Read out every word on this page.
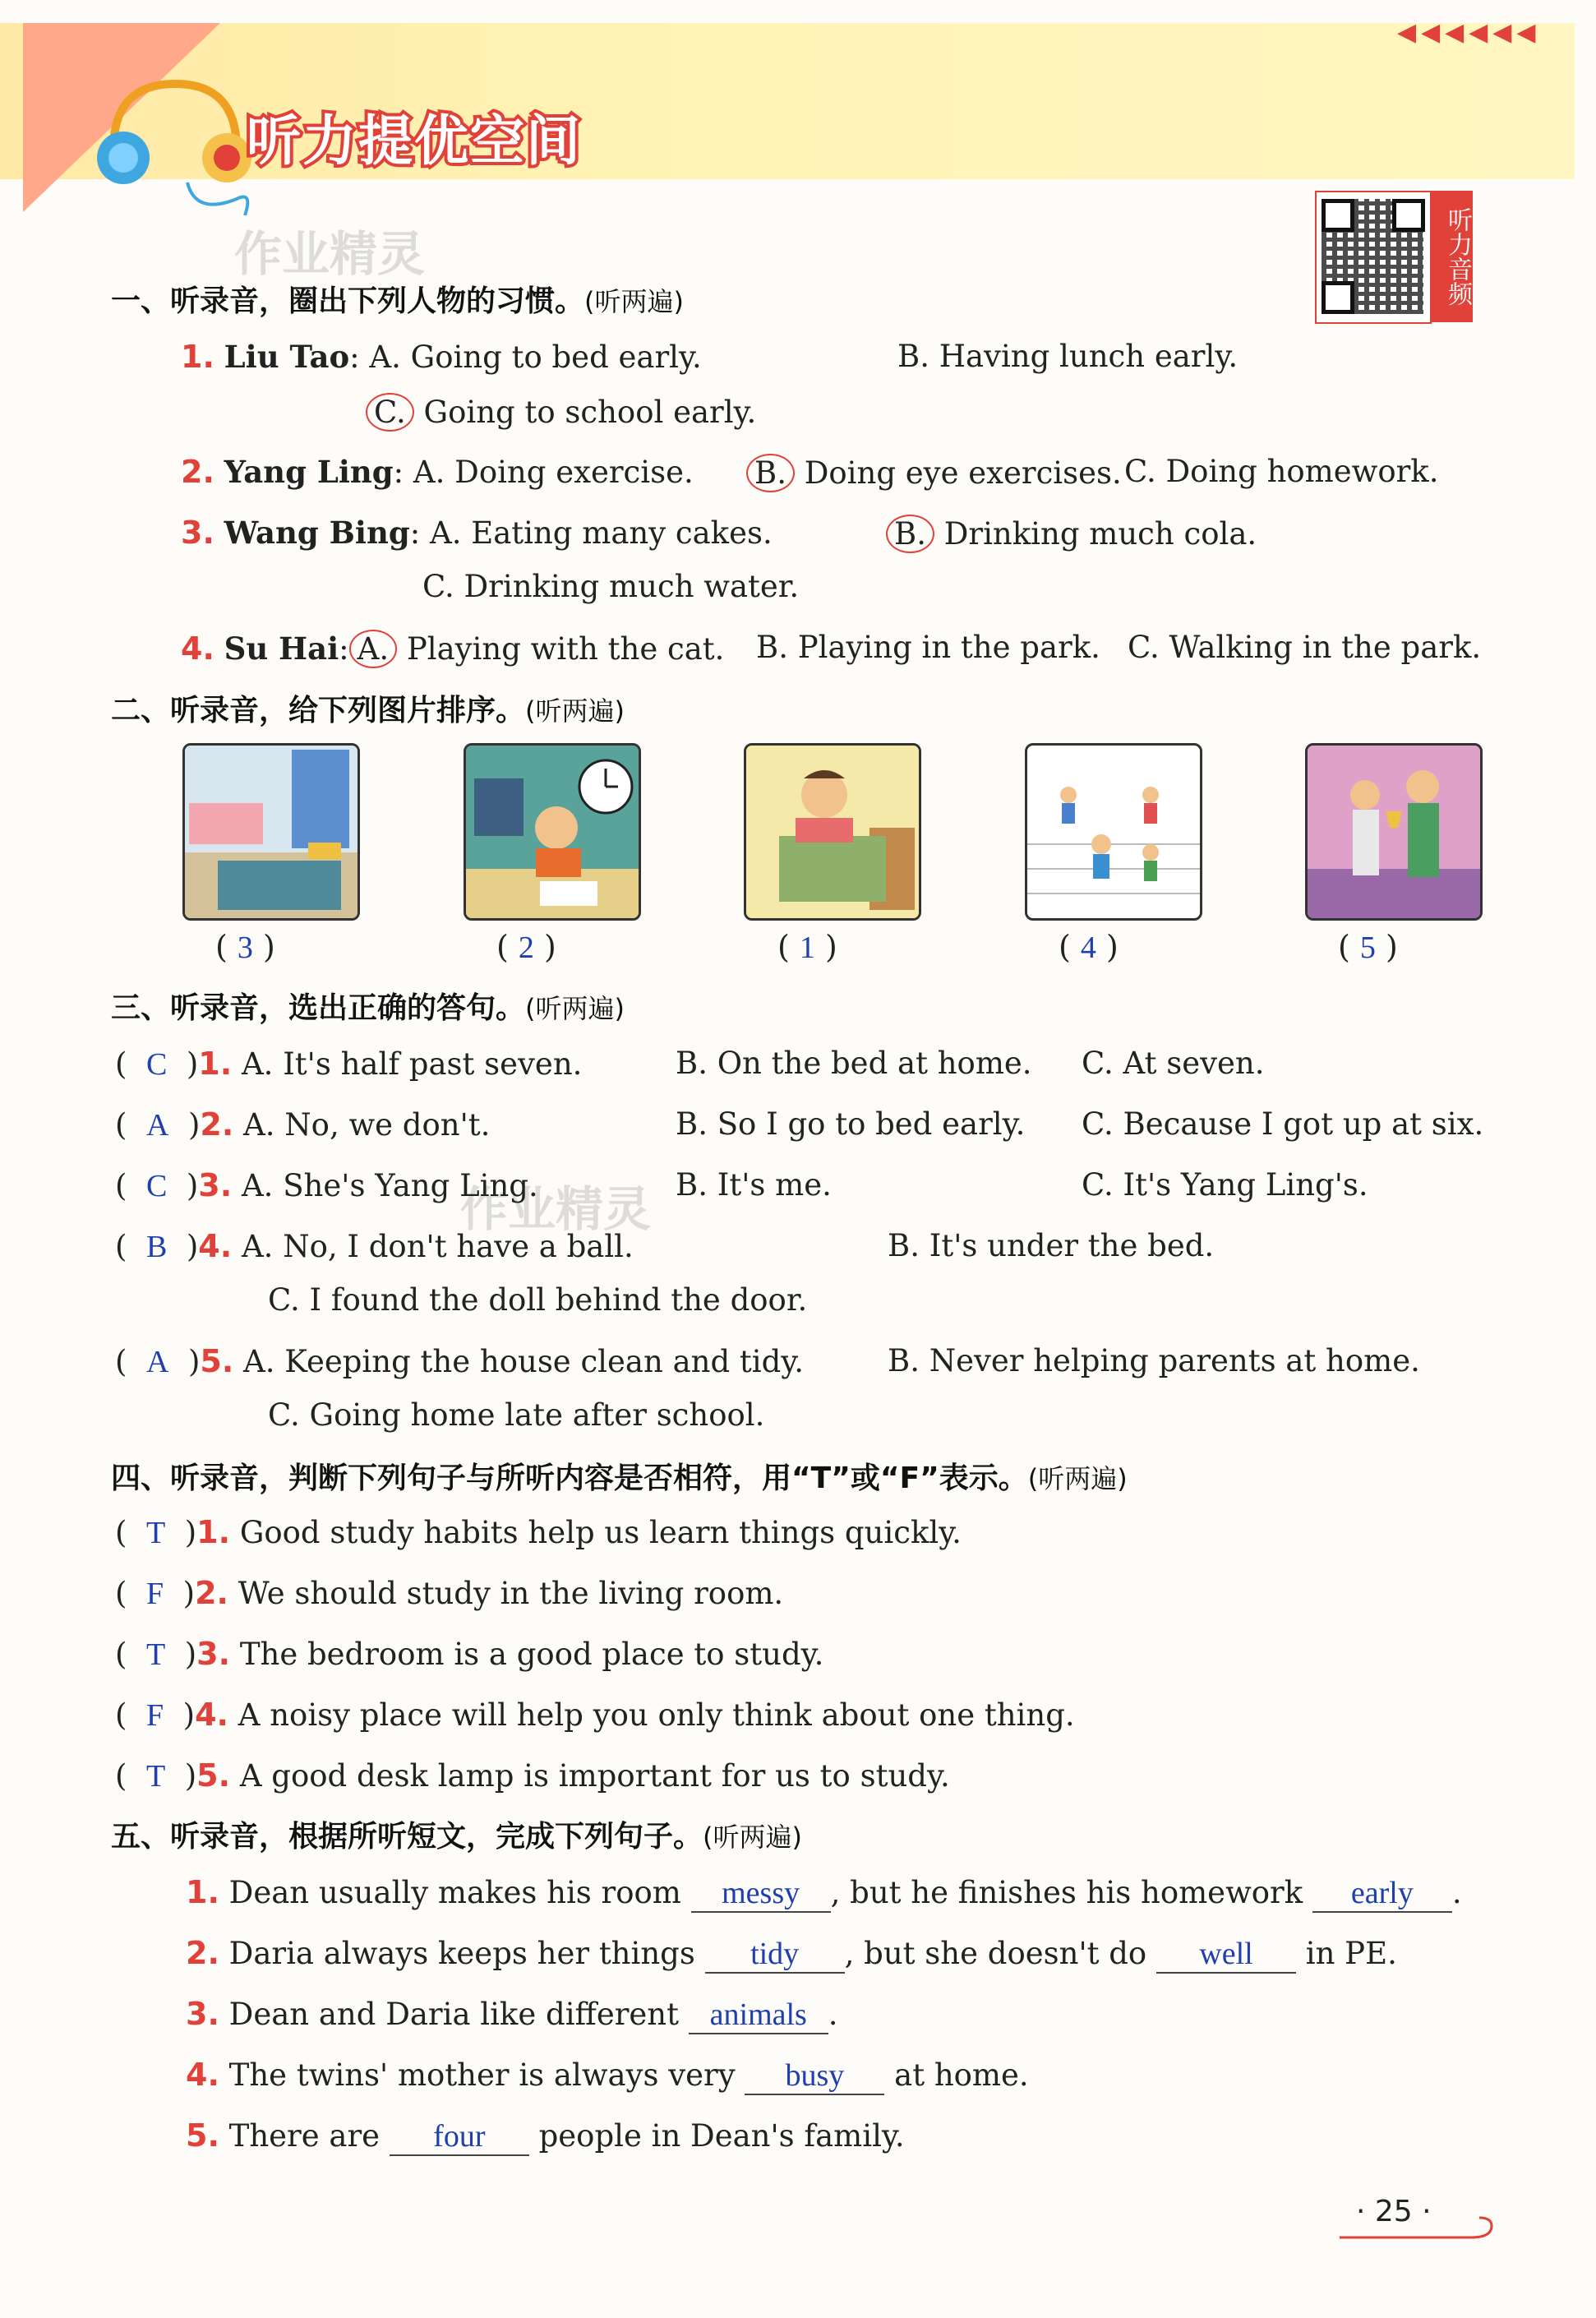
◀◀◀◀◀◀
听力提优空间
听力音频
作业精灵
作业精灵
一、听录音，圈出下列人物的习惯。(听两遍)
1. Liu Tao: A. Going to bed early.	B. Having lunch early.
C. Going to school early.
2. Yang Ling: A. Doing exercise. B. Doing eye exercises. C. Doing homework.
3. Wang Bing: A. Eating many cakes.	B. Drinking much cola.
C. Drinking much water.
4. Su Hai: A. Playing with the cat. B. Playing in the park. C. Walking in the park.
二、听录音，给下列图片排序。(听两遍)
( 3 )	( 2 )	( 1 )	( 4 )	( 5 )
三、听录音，选出正确的答句。(听两遍)
(  C  )1. A. It's half past seven.	B. On the bed at home. C. At seven.
(  A  )2. A. No, we don't.	B. So I go to bed early. C. Because I got up at six.
(  C  )3. A. She's Yang Ling.	B. It's me.	C. It's Yang Ling's.
(  B  )4. A. No, I don't have a ball.	B. It's under the bed.
C. I found the doll behind the door.
(  A  )5. A. Keeping the house clean and tidy.	B. Never helping parents at home.
C. Going home late after school.
四、听录音，判断下列句子与所听内容是否相符，用“T”或“F”表示。(听两遍)
(  T  )1. Good study habits help us learn things quickly.
(  F  )2. We should study in the living room.
(  T  )3. The bedroom is a good place to study.
(  F  )4. A noisy place will help you only think about one thing.
(  T  )5. A good desk lamp is important for us to study.
五、听录音，根据所听短文，完成下列句子。(听两遍)
1. Dean usually makes his room messy , but he finishes his homework early .
2. Daria always keeps her things tidy , but she doesn't do well in PE.
3. Dean and Daria like different animals .
4. The twins' mother is always very busy at home.
5. There are four people in Dean's family.
· 25 ·
